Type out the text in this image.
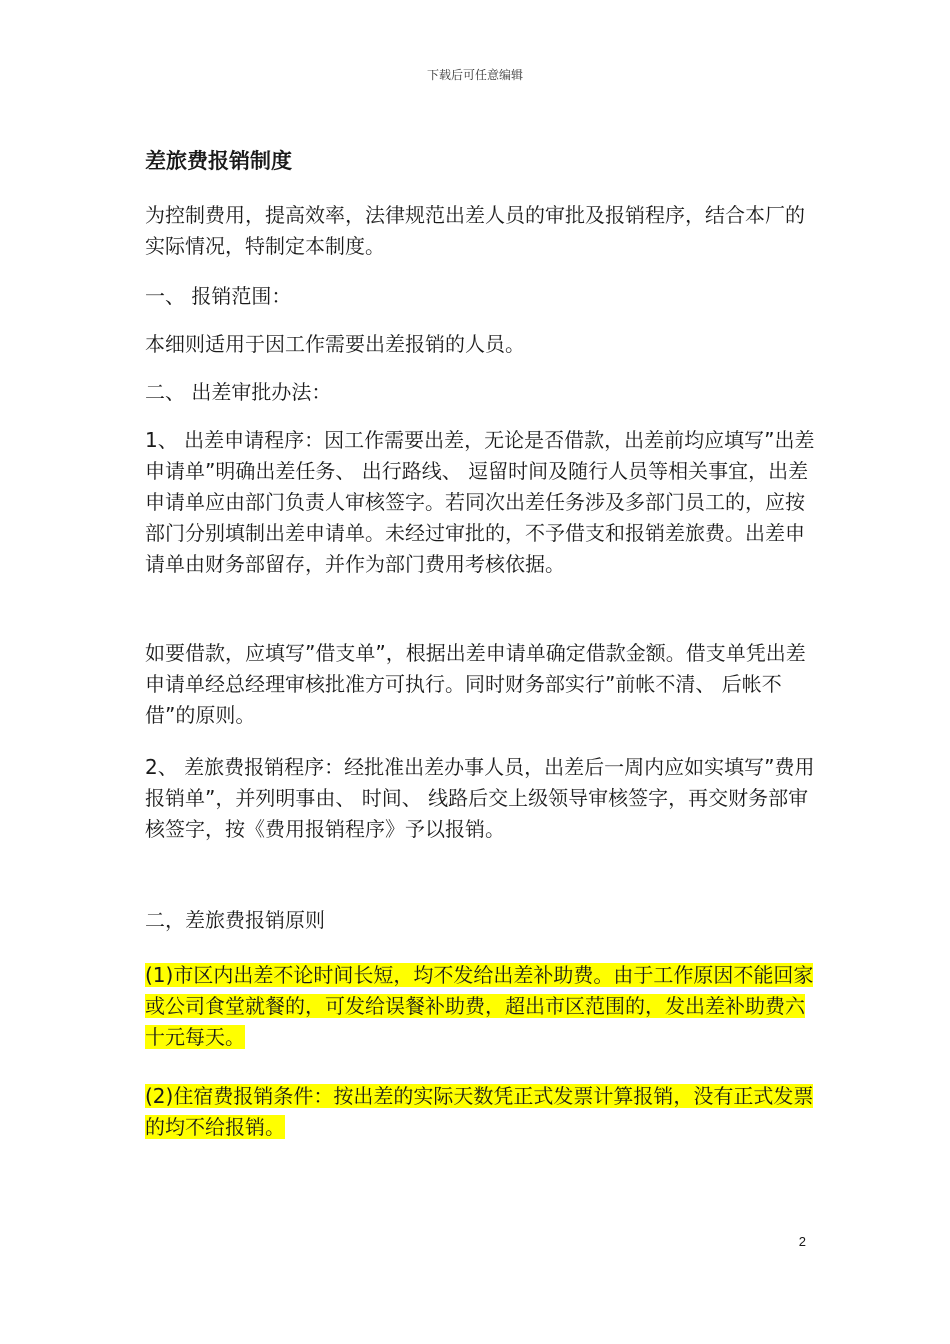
下载后可任意编辑
差旅费报销制度

为控制费用，提高效率，法律规范出差人员的审批及报销程序，结合本厂的实际情况，特制定本制度。

一、 报销范围：

本细则适用于因工作需要出差报销的人员。

二、 出差审批办法：

1、 出差申请程序：因工作需要出差，无论是否借款，出差前均应填写”出差申请单”明确出差任务、 出行路线、 逗留时间及随行人员等相关事宜，出差申请单应由部门负责人审核签字。若同次出差任务涉及多部门员工的，应按部门分别填制出差申请单。未经过审批的，不予借支和报销差旅费。出差申请单由财务部留存，并作为部门费用考核依据。

如要借款，应填写”借支单”，根据出差申请单确定借款金额。借支单凭出差申请单经总经理审核批准方可执行。同时财务部实行”前帐不清、 后帐不借”的原则。

2、 差旅费报销程序：经批准出差办事人员，出差后一周内应如实填写”费用报销单”，并列明事由、 时间、 线路后交上级领导审核签字，再交财务部审核签字，按《费用报销程序》予以报销。

二，差旅费报销原则

(1)市区内出差不论时间长短，均不发给出差补助费。由于工作原因不能回家或公司食堂就餐的，可发给误餐补助费，超出市区范围的，发出差补助费六十元每天。

(2)住宿费报销条件：按出差的实际天数凭正式发票计算报销，没有正式发票的均不给报销。

2
